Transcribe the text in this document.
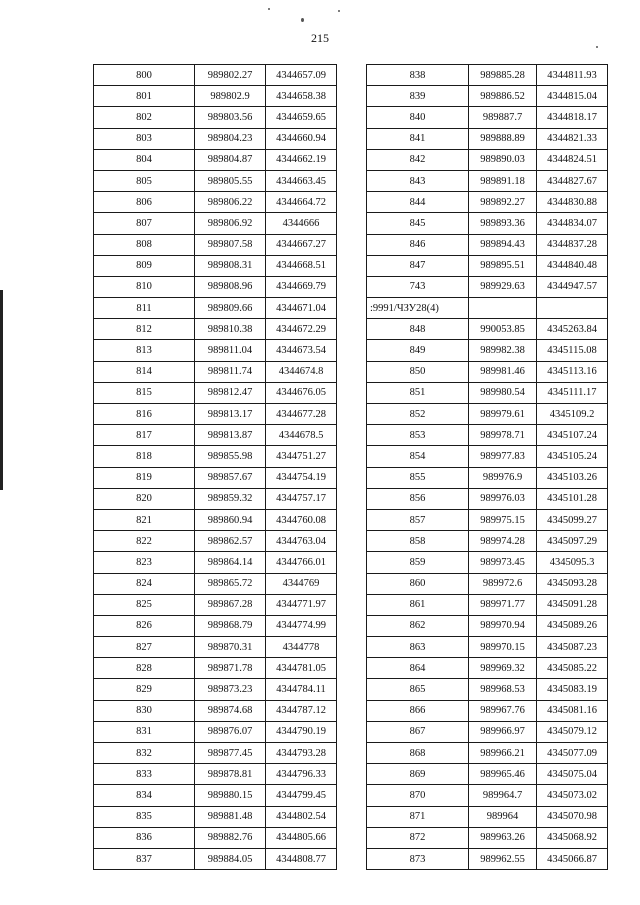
215
800	989802.27	4344657.09
801	989802.9	4344658.38
802	989803.56	4344659.65
803	989804.23	4344660.94
804	989804.87	4344662.19
805	989805.55	4344663.45
806	989806.22	4344664.72
807	989806.92	4344666
808	989807.58	4344667.27
809	989808.31	4344668.51
810	989808.96	4344669.79
811	989809.66	4344671.04
812	989810.38	4344672.29
813	989811.04	4344673.54
814	989811.74	4344674.8
815	989812.47	4344676.05
816	989813.17	4344677.28
817	989813.87	4344678.5
818	989855.98	4344751.27
819	989857.67	4344754.19
820	989859.32	4344757.17
821	989860.94	4344760.08
822	989862.57	4344763.04
823	989864.14	4344766.01
824	989865.72	4344769
825	989867.28	4344771.97
826	989868.79	4344774.99
827	989870.31	4344778
828	989871.78	4344781.05
829	989873.23	4344784.11
830	989874.68	4344787.12
831	989876.07	4344790.19
832	989877.45	4344793.28
833	989878.81	4344796.33
834	989880.15	4344799.45
835	989881.48	4344802.54
836	989882.76	4344805.66
837	989884.05	4344808.77
838	989885.28	4344811.93
839	989886.52	4344815.04
840	989887.7	4344818.17
841	989888.89	4344821.33
842	989890.03	4344824.51
843	989891.18	4344827.67
844	989892.27	4344830.88
845	989893.36	4344834.07
846	989894.43	4344837.28
847	989895.51	4344840.48
743	989929.63	4344947.57
:9991/ЧЗУ28(4)		
848	990053.85	4345263.84
849	989982.38	4345115.08
850	989981.46	4345113.16
851	989980.54	4345111.17
852	989979.61	4345109.2
853	989978.71	4345107.24
854	989977.83	4345105.24
855	989976.9	4345103.26
856	989976.03	4345101.28
857	989975.15	4345099.27
858	989974.28	4345097.29
859	989973.45	4345095.3
860	989972.6	4345093.28
861	989971.77	4345091.28
862	989970.94	4345089.26
863	989970.15	4345087.23
864	989969.32	4345085.22
865	989968.53	4345083.19
866	989967.76	4345081.16
867	989966.97	4345079.12
868	989966.21	4345077.09
869	989965.46	4345075.04
870	989964.7	4345073.02
871	989964	4345070.98
872	989963.26	4345068.92
873	989962.55	4345066.87
